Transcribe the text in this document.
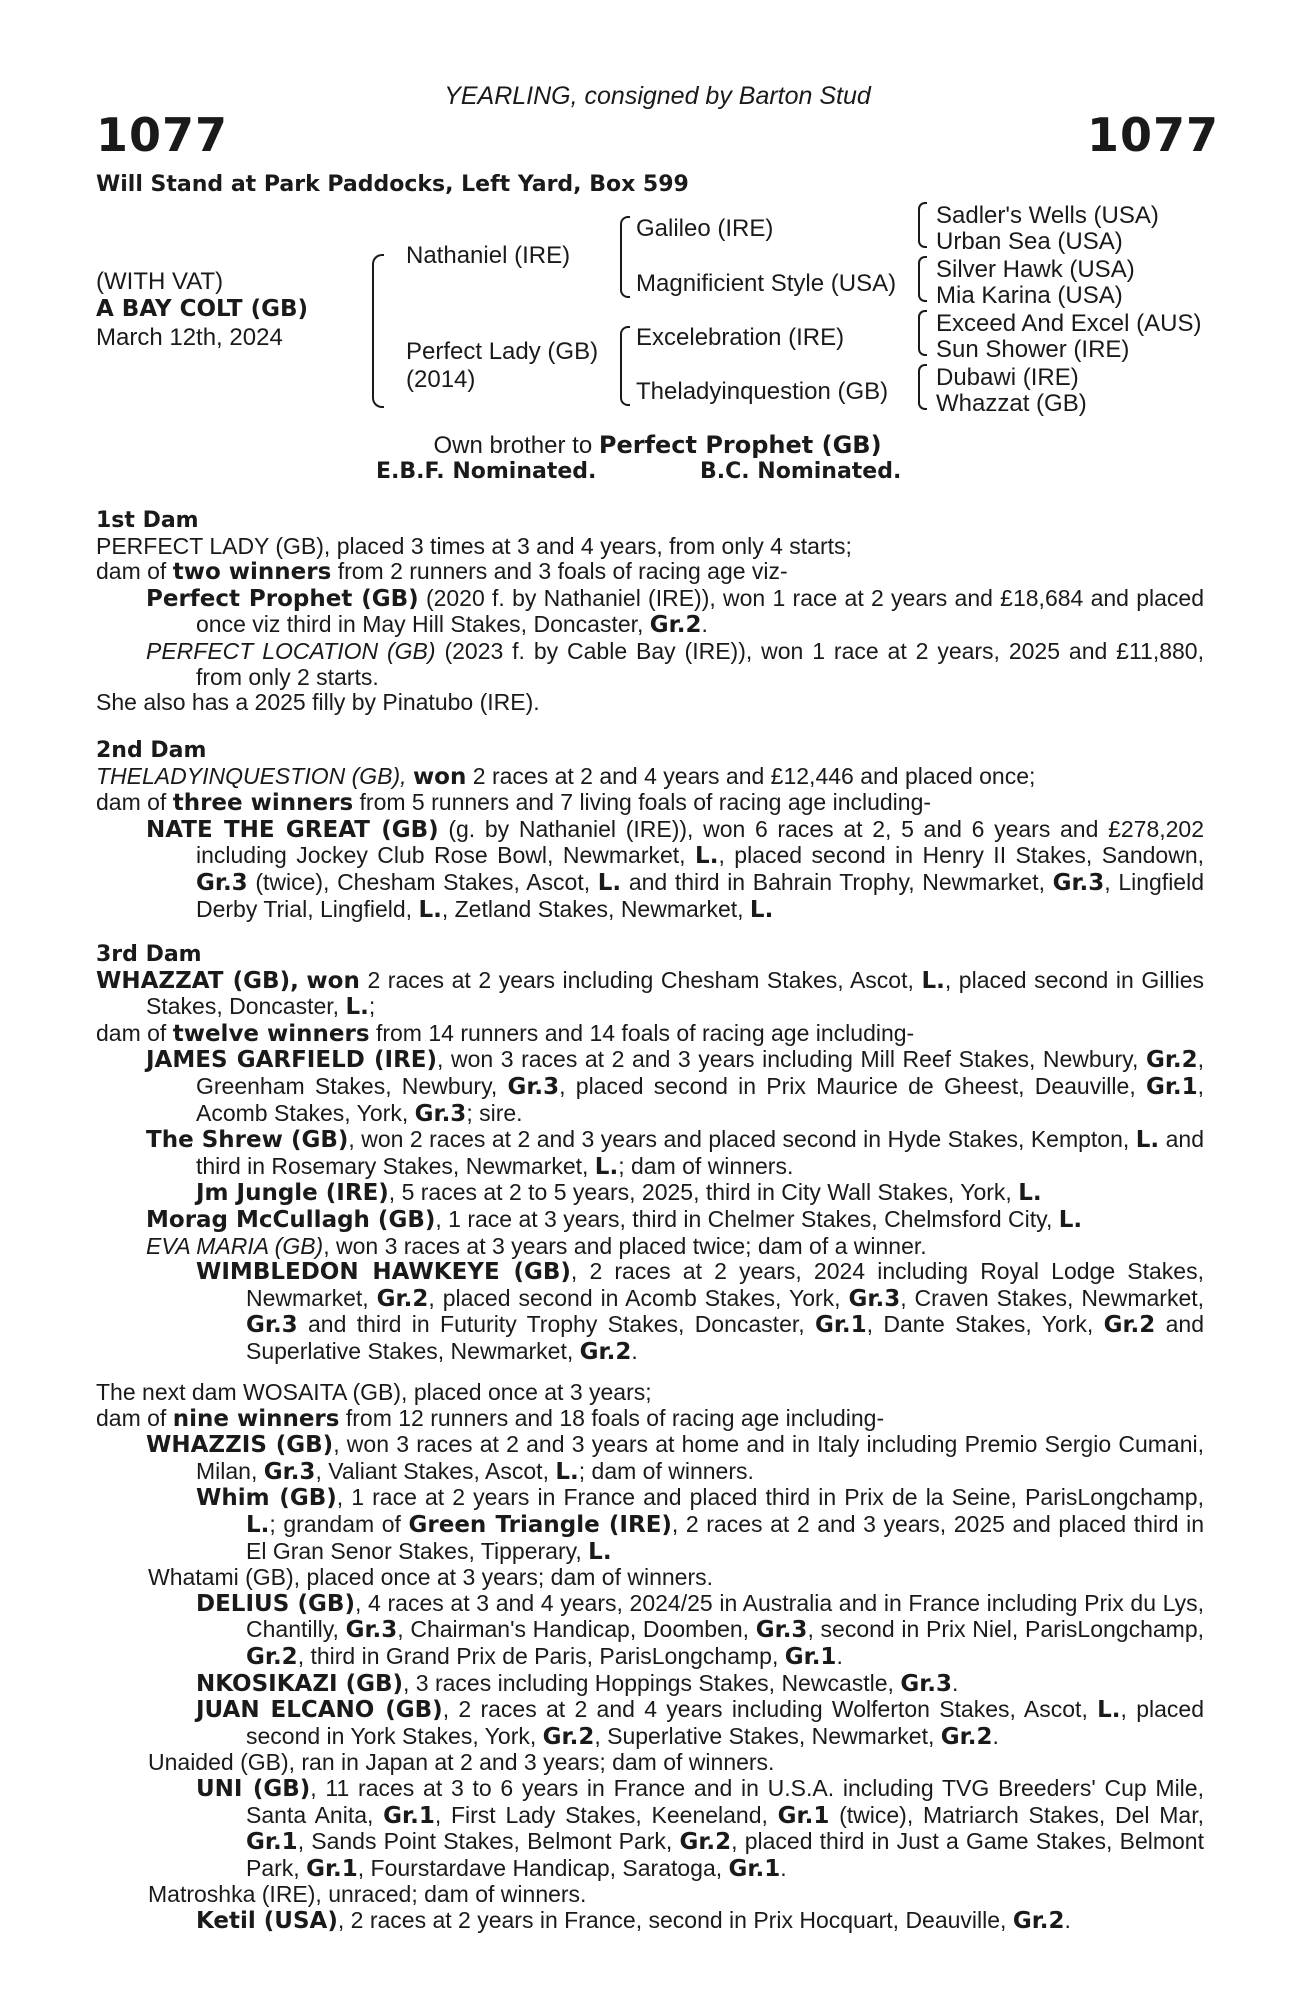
YEARLING, consigned by Barton Stud
1077	1077
Will Stand at Park Paddocks, Left Yard, Box 599
(WITH VAT)
A BAY COLT (GB)
March 12th, 2024
Nathaniel (IRE)
Perfect Lady (GB)
(2014)
Galileo (IRE)
Magnificient Style (USA)
Excelebration (IRE)
Theladyinquestion (GB)
Sadler's Wells (USA)
Urban Sea (USA)
Silver Hawk (USA)
Mia Karina (USA)
Exceed And Excel (AUS)
Sun Shower (IRE)
Dubawi (IRE)
Whazzat (GB)
Own brother to Perfect Prophet (GB)
E.B.F. Nominated.	B.C. Nominated.

1st Dam

PERFECT LADY (GB), placed 3 times at 3 and 4 years, from only 4 starts;

dam of two winners from 2 runners and 3 foals of racing age viz-

Perfect Prophet (GB) (2020 f. by Nathaniel (IRE)), won 1 race at 2 years and £18,684 and placed once viz third in May Hill Stakes, Doncaster, Gr.2.

PERFECT LOCATION (GB) (2023 f. by Cable Bay (IRE)), won 1 race at 2 years, 2025 and £11,880, from only 2 starts.

She also has a 2025 filly by Pinatubo (IRE).

2nd Dam

THELADYINQUESTION (GB), won 2 races at 2 and 4 years and £12,446 and placed once;

dam of three winners from 5 runners and 7 living foals of racing age including-

NATE THE GREAT (GB) (g. by Nathaniel (IRE)), won 6 races at 2, 5 and 6 years and £278,202 including Jockey Club Rose Bowl, Newmarket, L., placed second in Henry II Stakes, Sandown, Gr.3 (twice), Chesham Stakes, Ascot, L. and third in Bahrain Trophy, Newmarket, Gr.3, Lingfield Derby Trial, Lingfield, L., Zetland Stakes, Newmarket, L.

3rd Dam

WHAZZAT (GB), won 2 races at 2 years including Chesham Stakes, Ascot, L., placed second in Gillies Stakes, Doncaster, L.;

dam of twelve winners from 14 runners and 14 foals of racing age including-

JAMES GARFIELD (IRE), won 3 races at 2 and 3 years including Mill Reef Stakes, Newbury, Gr.2, Greenham Stakes, Newbury, Gr.3, placed second in Prix Maurice de Gheest, Deauville, Gr.1, Acomb Stakes, York, Gr.3; sire.

The Shrew (GB), won 2 races at 2 and 3 years and placed second in Hyde Stakes, Kempton, L. and third in Rosemary Stakes, Newmarket, L.; dam of winners.

Jm Jungle (IRE), 5 races at 2 to 5 years, 2025, third in City Wall Stakes, York, L.

Morag McCullagh (GB), 1 race at 3 years, third in Chelmer Stakes, Chelmsford City, L.

EVA MARIA (GB), won 3 races at 3 years and placed twice; dam of a winner.

WIMBLEDON HAWKEYE (GB), 2 races at 2 years, 2024 including Royal Lodge Stakes, Newmarket, Gr.2, placed second in Acomb Stakes, York, Gr.3, Craven Stakes, Newmarket, Gr.3 and third in Futurity Trophy Stakes, Doncaster, Gr.1, Dante Stakes, York, Gr.2 and Superlative Stakes, Newmarket, Gr.2.

The next dam WOSAITA (GB), placed once at 3 years;

dam of nine winners from 12 runners and 18 foals of racing age including-

WHAZZIS (GB), won 3 races at 2 and 3 years at home and in Italy including Premio Sergio Cumani, Milan, Gr.3, Valiant Stakes, Ascot, L.; dam of winners.

Whim (GB), 1 race at 2 years in France and placed third in Prix de la Seine, ParisLongchamp, L.; grandam of Green Triangle (IRE), 2 races at 2 and 3 years, 2025 and placed third in El Gran Senor Stakes, Tipperary, L.

Whatami (GB), placed once at 3 years; dam of winners.

DELIUS (GB), 4 races at 3 and 4 years, 2024/25 in Australia and in France including Prix du Lys, Chantilly, Gr.3, Chairman's Handicap, Doomben, Gr.3, second in Prix Niel, ParisLongchamp, Gr.2, third in Grand Prix de Paris, ParisLongchamp, Gr.1.

NKOSIKAZI (GB), 3 races including Hoppings Stakes, Newcastle, Gr.3.

JUAN ELCANO (GB), 2 races at 2 and 4 years including Wolferton Stakes, Ascot, L., placed second in York Stakes, York, Gr.2, Superlative Stakes, Newmarket, Gr.2.

Unaided (GB), ran in Japan at 2 and 3 years; dam of winners.

UNI (GB), 11 races at 3 to 6 years in France and in U.S.A. including TVG Breeders' Cup Mile, Santa Anita, Gr.1, First Lady Stakes, Keeneland, Gr.1 (twice), Matriarch Stakes, Del Mar, Gr.1, Sands Point Stakes, Belmont Park, Gr.2, placed third in Just a Game Stakes, Belmont Park, Gr.1, Fourstardave Handicap, Saratoga, Gr.1.

Matroshka (IRE), unraced; dam of winners.

Ketil (USA), 2 races at 2 years in France, second in Prix Hocquart, Deauville, Gr.2.
